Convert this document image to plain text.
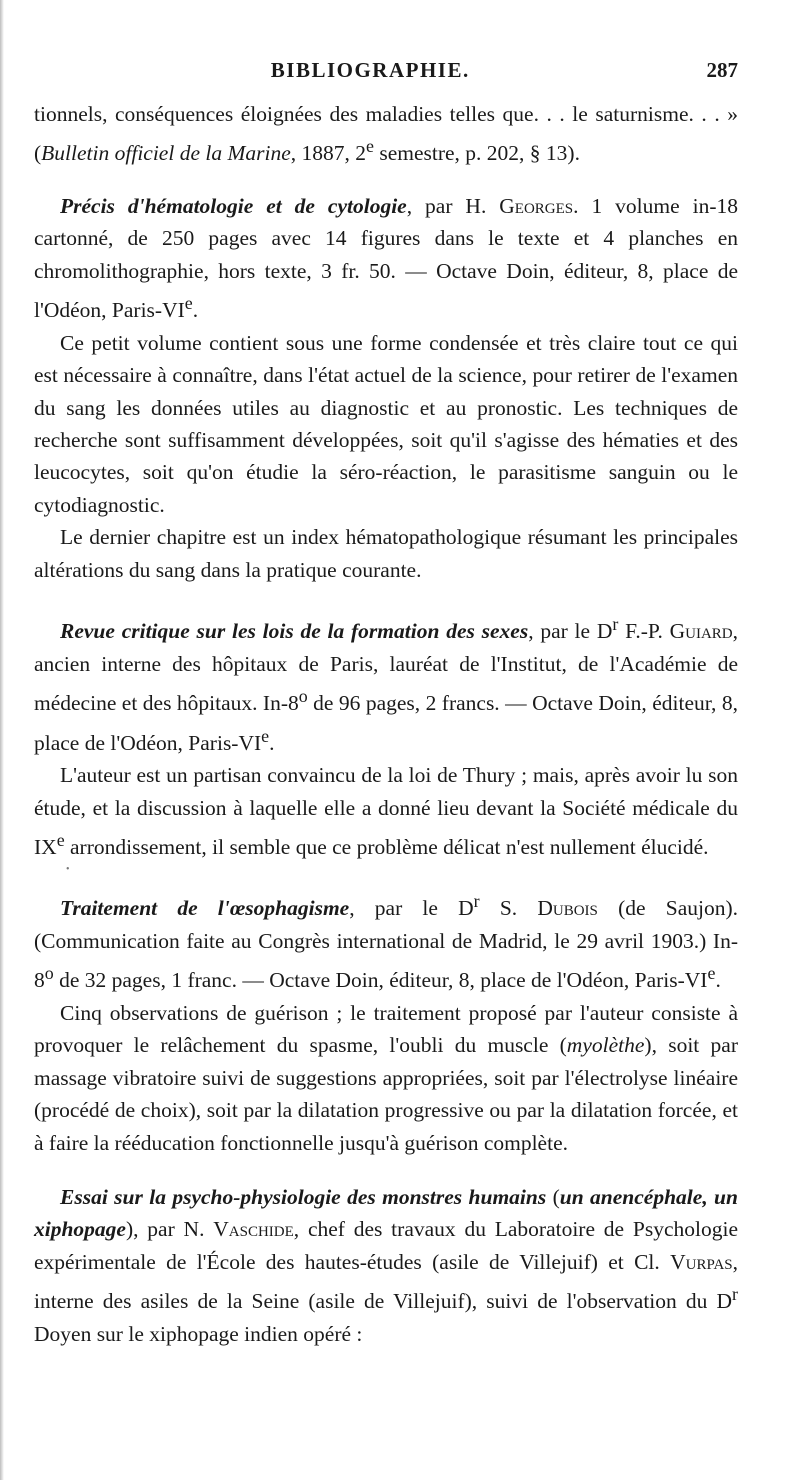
BIBLIOGRAPHIE.	287

tionnels, conséquences éloignées des maladies telles que. . . le saturnisme. . . » (Bulletin officiel de la Marine, 1887, 2e semestre, p. 202, § 13).

Précis d'hématologie et de cytologie, par H. Georges. 1 volume in-18 cartonné, de 250 pages avec 14 figures dans le texte et 4 planches en chromolithographie, hors texte, 3 fr. 50. — Octave Doin, éditeur, 8, place de l'Odéon, Paris-VIe.

Ce petit volume contient sous une forme condensée et très claire tout ce qui est nécessaire à connaître, dans l'état actuel de la science, pour retirer de l'examen du sang les données utiles au diagnostic et au pronostic. Les techniques de recherche sont suffisamment développées, soit qu'il s'agisse des hématies et des leucocytes, soit qu'on étudie la séro-réaction, le parasitisme sanguin ou le cytodiagnostic.

Le dernier chapitre est un index hématopathologique résumant les principales altérations du sang dans la pratique courante.

Revue critique sur les lois de la formation des sexes, par le $D^r$ F.-P. Guiard, ancien interne des hôpitaux de Paris, lauréat de l'Institut, de l'Académie de médecine et des hôpitaux. In-8$^o$ de 96 pages, 2 francs. — Octave Doin, éditeur, 8, place de l'Odéon, Paris-VIe.

L'auteur est un partisan convaincu de la loi de Thury ; mais, après avoir lu son étude, et la discussion à laquelle elle a donné lieu devant la Société médicale du IXe arrondissement, il semble que ce problème délicat n'est nullement élucidé.

•

Traitement de l'œsophagisme, par le $D^r$ S. Dubois (de Saujon). (Communication faite au Congrès international de Madrid, le 29 avril 1903.) In-8$^o$ de 32 pages, 1 franc. — Octave Doin, éditeur, 8, place de l'Odéon, Paris-VIe.

Cinq observations de guérison ; le traitement proposé par l'auteur consiste à provoquer le relâchement du spasme, l'oubli du muscle (myolèthe), soit par massage vibratoire suivi de suggestions appropriées, soit par l'électrolyse linéaire (procédé de choix), soit par la dilatation progressive ou par la dilatation forcée, et à faire la rééducation fonctionnelle jusqu'à guérison complète.

Essai sur la psycho-physiologie des monstres humains (un anencéphale, un xiphopage), par N. Vaschide, chef des travaux du Laboratoire de Psychologie expérimentale de l'École des hautes-études (asile de Villejuif) et Cl. Vurpas, interne des asiles de la Seine (asile de Villejuif), suivi de l'observation du $D^r$ Doyen sur le xiphopage indien opéré :
